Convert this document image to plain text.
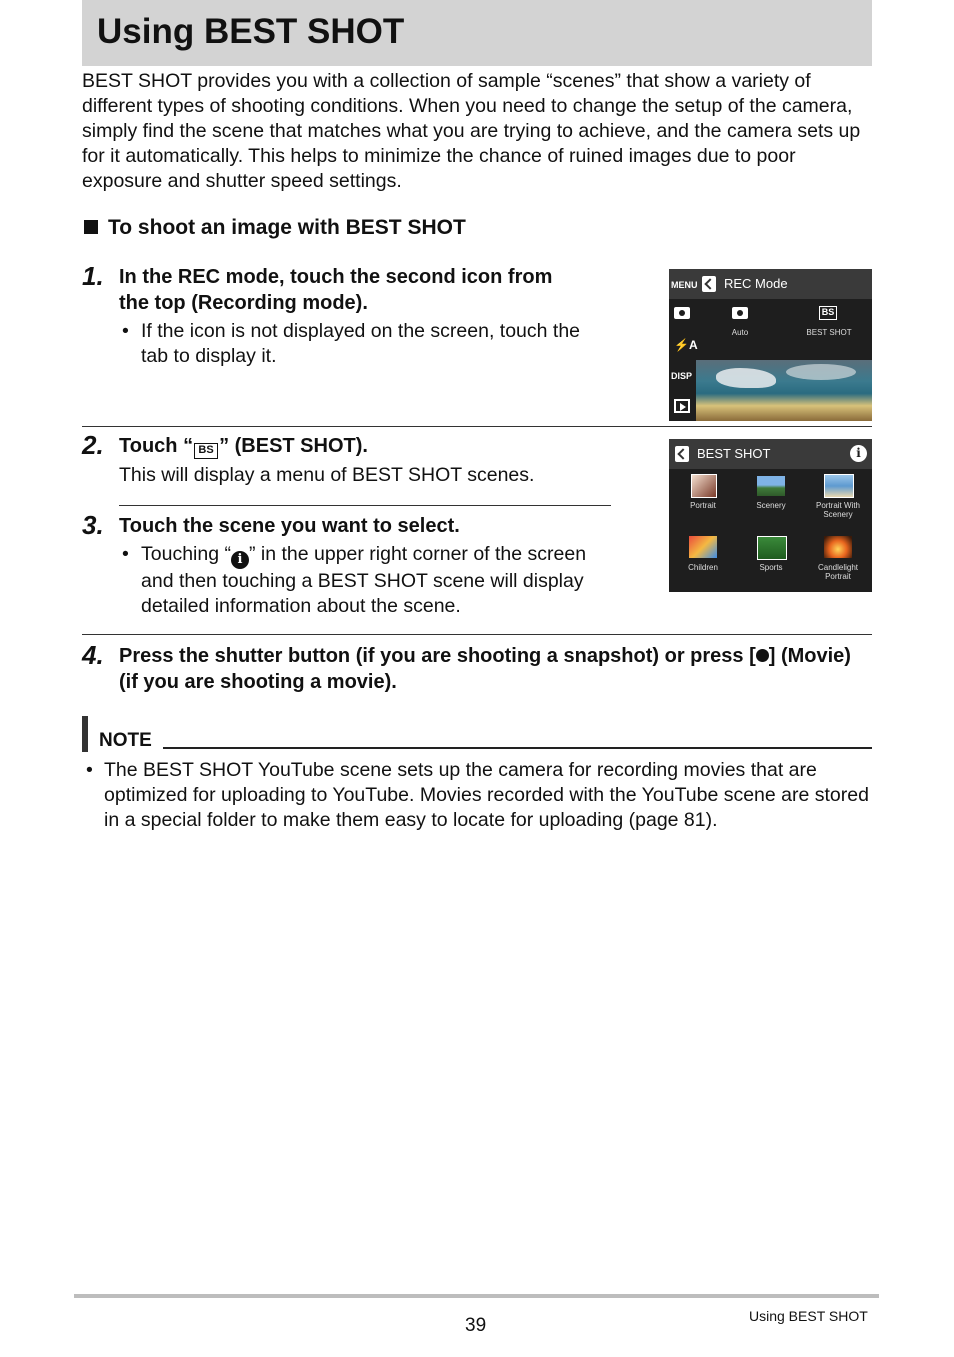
Using BEST SHOT

BEST SHOT provides you with a collection of sample “scenes” that show a variety of different types of shooting conditions. When you need to change the setup of the camera, simply find the scene that matches what you are trying to achieve, and the camera sets up for it automatically. This helps to minimize the chance of ruined images due to poor exposure and shutter speed settings.

To shoot an image with BEST SHOT
1. In the REC mode, touch the second icon from the top (Recording mode).
• If the icon is not displayed on the screen, touch the tab to display it.
MENU REC Mode
⚡A
DISP
Auto
BS
BEST SHOT
2. Touch “ BS ” (BEST SHOT).
This will display a menu of BEST SHOT scenes.
3. Touch the scene you want to select.
• Touching “ i ” in the upper right corner of the screen and then touching a BEST SHOT scene will display detailed information about the scene.
BEST SHOT	i
Portrait	Scenery	Portrait With Scenery
Children	Sports	Candlelight Portrait
4. Press the shutter button (if you are shooting a snapshot) or press [ ] (Movie) (if you are shooting a movie).
NOTE
• The BEST SHOT YouTube scene sets up the camera for recording movies that are optimized for uploading to YouTube. Movies recorded with the YouTube scene are stored in a special folder to make them easy to locate for uploading (page 81).
39	Using BEST SHOT
